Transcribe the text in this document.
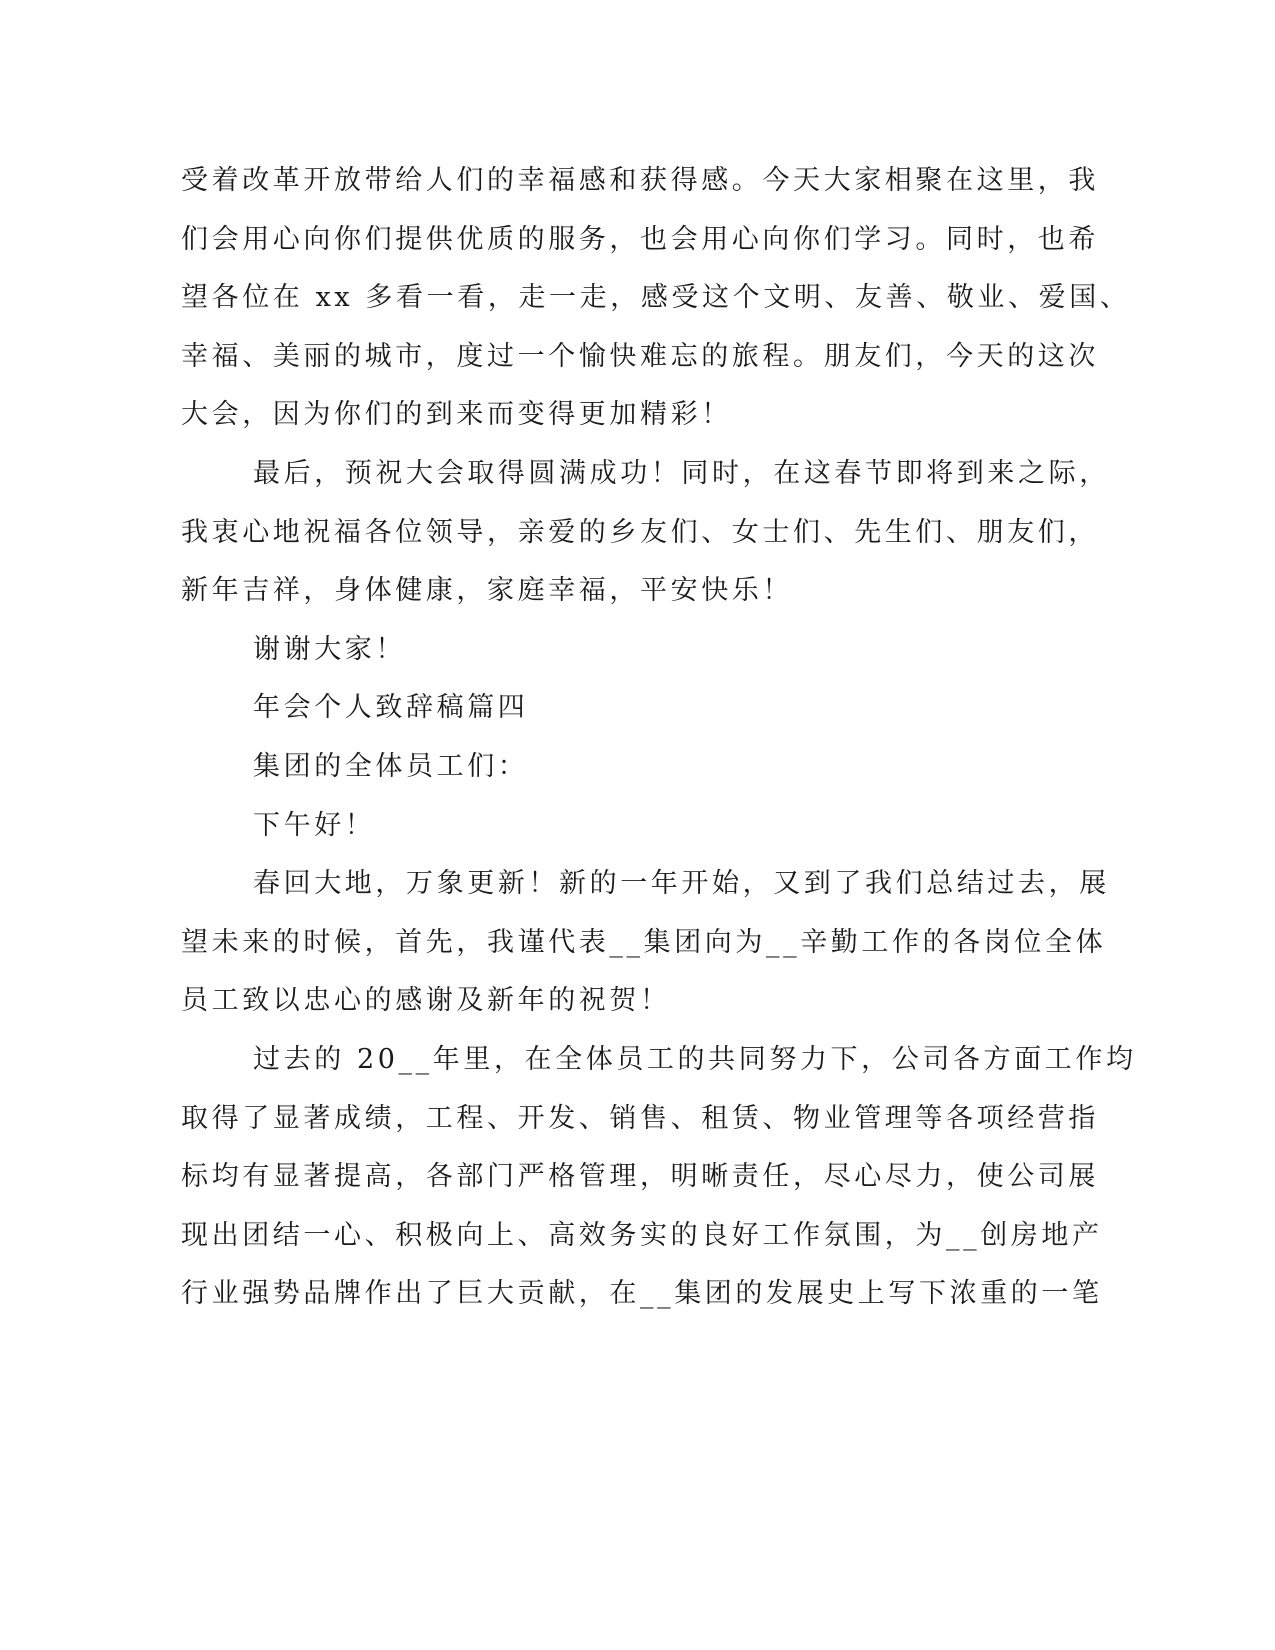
受着改革开放带给人们的幸福感和获得感。今天大家相聚在这里，我
们会用心向你们提供优质的服务，也会用心向你们学习。同时，也希
望各位在 xx 多看一看，走一走，感受这个文明、友善、敬业、爱国、
幸福、美丽的城市，度过一个愉快难忘的旅程。朋友们，今天的这次
大会，因为你们的到来而变得更加精彩！
最后，预祝大会取得圆满成功！同时，在这春节即将到来之际，
我衷心地祝福各位领导，亲爱的乡友们、女士们、先生们、朋友们，
新年吉祥，身体健康，家庭幸福，平安快乐！
谢谢大家！
年会个人致辞稿篇四
集团的全体员工们：
下午好！
春回大地，万象更新！新的一年开始，又到了我们总结过去，展
望未来的时候，首先，我谨代表__集团向为__辛勤工作的各岗位全体
员工致以忠心的感谢及新年的祝贺！
过去的 20__年里，在全体员工的共同努力下，公司各方面工作均
取得了显著成绩，工程、开发、销售、租赁、物业管理等各项经营指
标均有显著提高，各部门严格管理，明晰责任，尽心尽力，使公司展
现出团结一心、积极向上、高效务实的良好工作氛围，为__创房地产
行业强势品牌作出了巨大贡献，在__集团的发展史上写下浓重的一笔
